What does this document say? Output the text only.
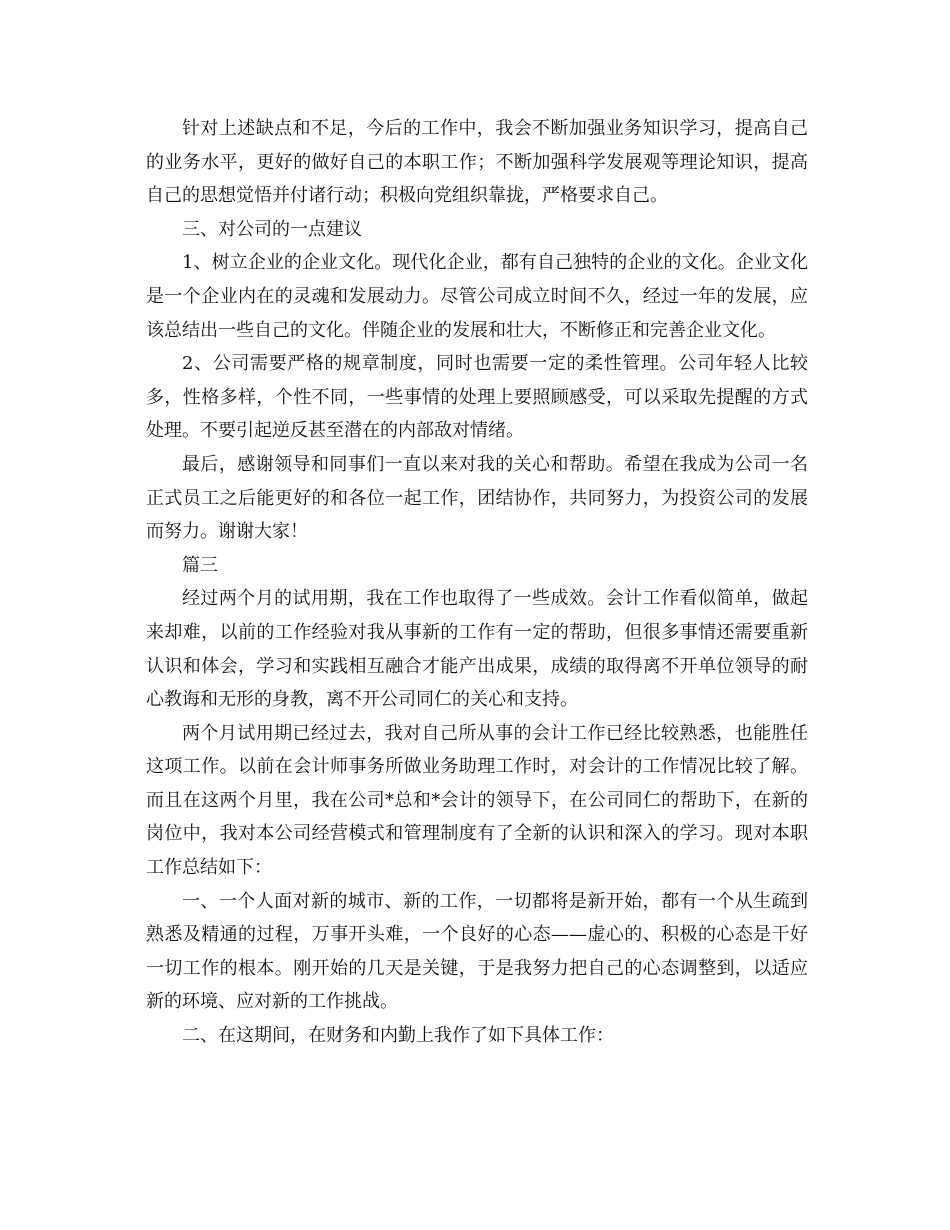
针对上述缺点和不足，今后的工作中，我会不断加强业务知识学习，提高自己的业务水平，更好的做好自己的本职工作；不断加强科学发展观等理论知识，提高自己的思想觉悟并付诸行动；积极向党组织靠拢，严格要求自己。

三、对公司的一点建议

1、树立企业的企业文化。现代化企业，都有自己独特的企业的文化。企业文化是一个企业内在的灵魂和发展动力。尽管公司成立时间不久，经过一年的发展，应该总结出一些自己的文化。伴随企业的发展和壮大，不断修正和完善企业文化。

2、公司需要严格的规章制度，同时也需要一定的柔性管理。公司年轻人比较多，性格多样，个性不同，一些事情的处理上要照顾感受，可以采取先提醒的方式处理。不要引起逆反甚至潜在的内部敌对情绪。

最后，感谢领导和同事们一直以来对我的关心和帮助。希望在我成为公司一名正式员工之后能更好的和各位一起工作，团结协作，共同努力，为投资公司的发展而努力。谢谢大家！

篇三

经过两个月的试用期，我在工作也取得了一些成效。会计工作看似简单，做起来却难，以前的工作经验对我从事新的工作有一定的帮助，但很多事情还需要重新认识和体会，学习和实践相互融合才能产出成果，成绩的取得离不开单位领导的耐心教诲和无形的身教，离不开公司同仁的关心和支持。

两个月试用期已经过去，我对自己所从事的会计工作已经比较熟悉，也能胜任这项工作。以前在会计师事务所做业务助理工作时，对会计的工作情况比较了解。而且在这两个月里，我在公司*总和*会计的领导下，在公司同仁的帮助下，在新的岗位中，我对本公司经营模式和管理制度有了全新的认识和深入的学习。现对本职工作总结如下：

一、一个人面对新的城市、新的工作，一切都将是新开始，都有一个从生疏到熟悉及精通的过程，万事开头难，一个良好的心态——虚心的、积极的心态是干好一切工作的根本。刚开始的几天是关键，于是我努力把自己的心态调整到，以适应新的环境、应对新的工作挑战。

二、在这期间，在财务和内勤上我作了如下具体工作：
